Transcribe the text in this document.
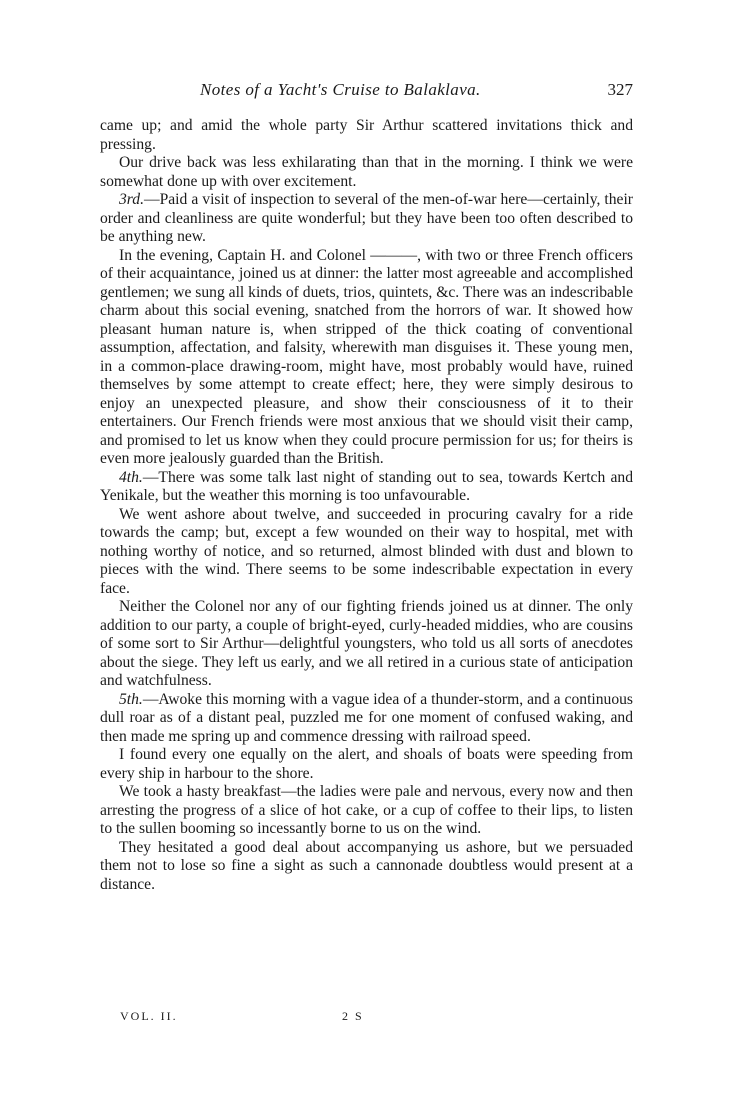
Notes of a Yacht's Cruise to Balaklava.	327

came up; and amid the whole party Sir Arthur scattered invitations thick and pressing.

Our drive back was less exhilarating than that in the morning. I think we were somewhat done up with over excitement.

3rd.—Paid a visit of inspection to several of the men-of-war here—certainly, their order and cleanliness are quite wonderful; but they have been too often described to be anything new.

In the evening, Captain H. and Colonel ———, with two or three French officers of their acquaintance, joined us at dinner: the latter most agreeable and accomplished gentlemen; we sung all kinds of duets, trios, quintets, &c. There was an indescribable charm about this social evening, snatched from the horrors of war. It showed how pleasant human nature is, when stripped of the thick coating of conventional assumption, affectation, and falsity, wherewith man disguises it. These young men, in a common-place drawing-room, might have, most probably would have, ruined themselves by some attempt to create effect; here, they were simply desirous to enjoy an unexpected pleasure, and show their consciousness of it to their entertainers. Our French friends were most anxious that we should visit their camp, and promised to let us know when they could procure permission for us; for theirs is even more jealously guarded than the British.

4th.—There was some talk last night of standing out to sea, towards Kertch and Yenikale, but the weather this morning is too unfavourable.

We went ashore about twelve, and succeeded in procuring cavalry for a ride towards the camp; but, except a few wounded on their way to hospital, met with nothing worthy of notice, and so returned, almost blinded with dust and blown to pieces with the wind. There seems to be some indescribable expectation in every face.

Neither the Colonel nor any of our fighting friends joined us at dinner. The only addition to our party, a couple of bright-eyed, curly-headed middies, who are cousins of some sort to Sir Arthur—delightful youngsters, who told us all sorts of anecdotes about the siege. They left us early, and we all retired in a curious state of anticipation and watchfulness.

5th.—Awoke this morning with a vague idea of a thunder-storm, and a continuous dull roar as of a distant peal, puzzled me for one moment of confused waking, and then made me spring up and commence dressing with railroad speed.

I found every one equally on the alert, and shoals of boats were speeding from every ship in harbour to the shore.

We took a hasty breakfast—the ladies were pale and nervous, every now and then arresting the progress of a slice of hot cake, or a cup of coffee to their lips, to listen to the sullen booming so incessantly borne to us on the wind.

They hesitated a good deal about accompanying us ashore, but we persuaded them not to lose so fine a sight as such a cannonade doubtless would present at a distance.

VOL. II.	2 S
